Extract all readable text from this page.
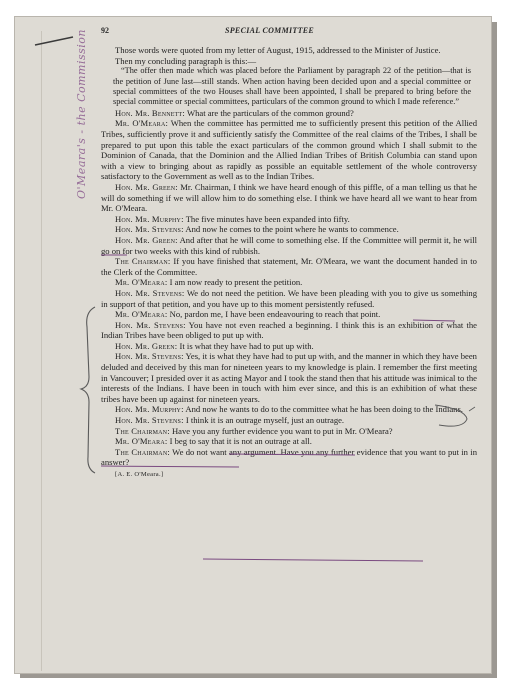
92	SPECIAL COMMITTEE

Those words were quoted from my letter of August, 1915, addressed to the Minister of Justice.

Then my concluding paragraph is this:—

“The offer then made which was placed before the Parliament by paragraph 22 of the petition—that is the petition of June last—still stands. When action having been decided upon and a special committee or special committees of the two Houses shall have been appointed, I shall be prepared to bring before the special committee or special committees, particulars of the common ground to which I made reference.”

Hon. Mr. Bennett: What are the particulars of the common ground?

Mr. O'Meara: When the committee has permitted me to sufficiently present this petition of the Allied Tribes, sufficiently prove it and sufficiently satisfy the Committee of the real claims of the Tribes, I shall be prepared to put upon this table the exact particulars of the common ground which I shall submit to the Dominion of Canada, that the Dominion and the Allied Indian Tribes of British Columbia can stand upon with a view to bringing about as rapidly as possible an equitable settlement of the whole controversy satisfactory to the Government as well as to the Indian Tribes.

Hon. Mr. Green: Mr. Chairman, I think we have heard enough of this piffle, of a man telling us that he will do something if we will allow him to do something else. I think we have heard all we want to hear from Mr. O'Meara.

Hon. Mr. Murphy: The five minutes have been expanded into fifty.

Hon. Mr. Stevens: And now he comes to the point where he wants to commence.

Hon. Mr. Green: And after that he will come to something else. If the Committee will permit it, he will go on for two weeks with this kind of rubbish.

The Chairman: If you have finished that statement, Mr. O'Meara, we want the document handed in to the Clerk of the Committee.

Mr. O'Meara: I am now ready to present the petition.

Hon. Mr. Stevens: We do not need the petition. We have been pleading with you to give us something in support of that petition, and you have up to this moment persistently refused.

Mr. O'Meara: No, pardon me, I have been endeavouring to reach that point.

Hon. Mr. Stevens: You have not even reached a beginning. I think this is an exhibition of what the Indian Tribes have been obliged to put up with.

Hon. Mr. Green: It is what they have had to put up with.

Hon. Mr. Stevens: Yes, it is what they have had to put up with, and the manner in which they have been deluded and deceived by this man for nineteen years to my knowledge is plain. I remember the first meeting in Vancouver; I presided over it as acting Mayor and I took the stand then that his attitude was inimical to the interests of the Indians. I have been in touch with him ever since, and this is an exhibition of what these tribes have been up against for nineteen years.

Hon. Mr. Murphy: And now he wants to do to the committee what he has been doing to the Indians.

Hon. Mr. Stevens: I think it is an outrage myself, just an outrage.

The Chairman: Have you any further evidence you want to put in Mr. O'Meara?

Mr. O'Meara: I beg to say that it is not an outrage at all.

The Chairman: We do not want any argument. Have you any further evidence that you want to put in in answer?

[A. E. O'Meara.]
O'Meara's - the Commission
